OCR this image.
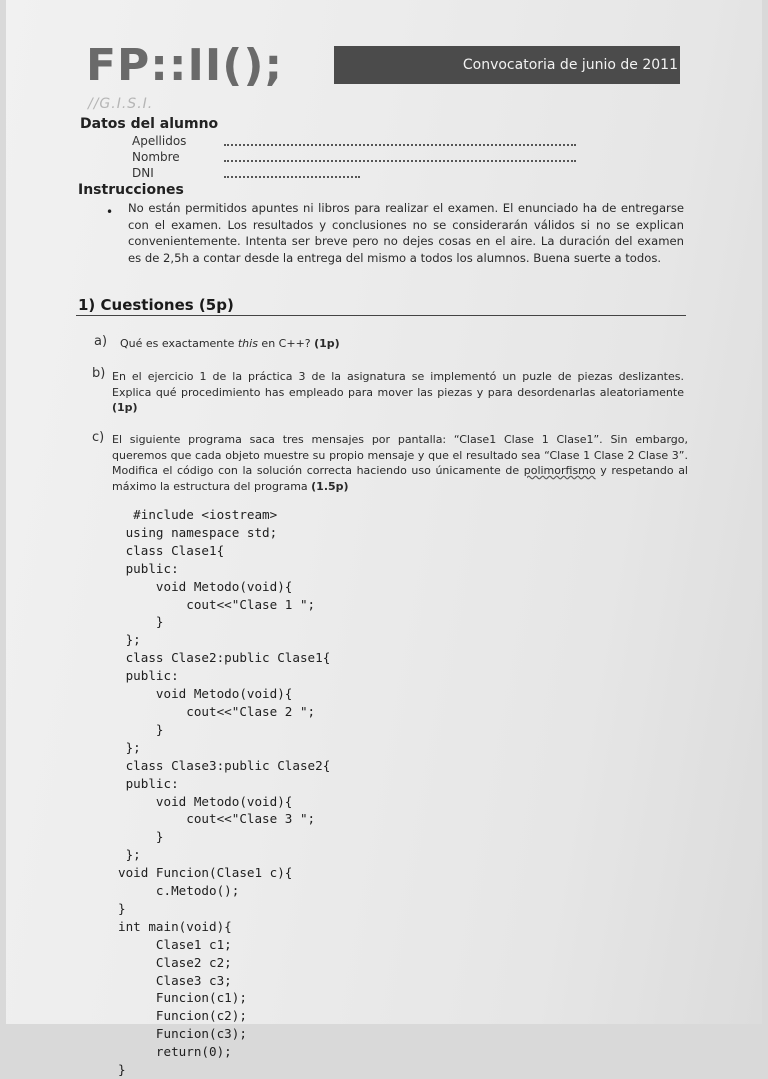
FP::II();
//G.I.S.I.
Convocatoria de junio de 2011
Datos del alumno
Apellidos
Nombre
DNI
Instrucciones
• No están permitidos apuntes ni libros para realizar el examen. El enunciado ha de entregarse con el examen. Los resultados y conclusiones no se considerarán válidos si no se explican convenientemente. Intenta ser breve pero no dejes cosas en el aire. La duración del examen es de 2,5h a contar desde la entrega del mismo a todos los alumnos. Buena suerte a todos.
1) Cuestiones (5p)
a) Qué es exactamente this en C++? (1p)
b) En el ejercicio 1 de la práctica 3 de la asignatura se implementó un puzle de piezas deslizantes. Explica qué procedimiento has empleado para mover las piezas y para desordenarlas aleatoriamente (1p)
c) El siguiente programa saca tres mensajes por pantalla: “Clase1 Clase 1 Clase1”. Sin embargo, queremos que cada objeto muestre su propio mensaje y que el resultado sea “Clase 1 Clase 2 Clase 3”. Modifica el código con la solución correcta haciendo uso únicamente de polimorfismo y respetando al máximo la estructura del programa (1.5p)
#include <iostream>
using namespace std;
class Clase1{
public:
void Metodo(void){
cout<<"Clase 1 ";
}
};
class Clase2:public Clase1{
public:
void Metodo(void){
cout<<"Clase 2 ";
}
};
class Clase3:public Clase2{
public:
void Metodo(void){
cout<<"Clase 3 ";
}
};
void Funcion(Clase1 c){
c.Metodo();
}
int main(void){
Clase1 c1;
Clase2 c2;
Clase3 c3;
Funcion(c1);
Funcion(c2);
Funcion(c3);
return(0);
}
